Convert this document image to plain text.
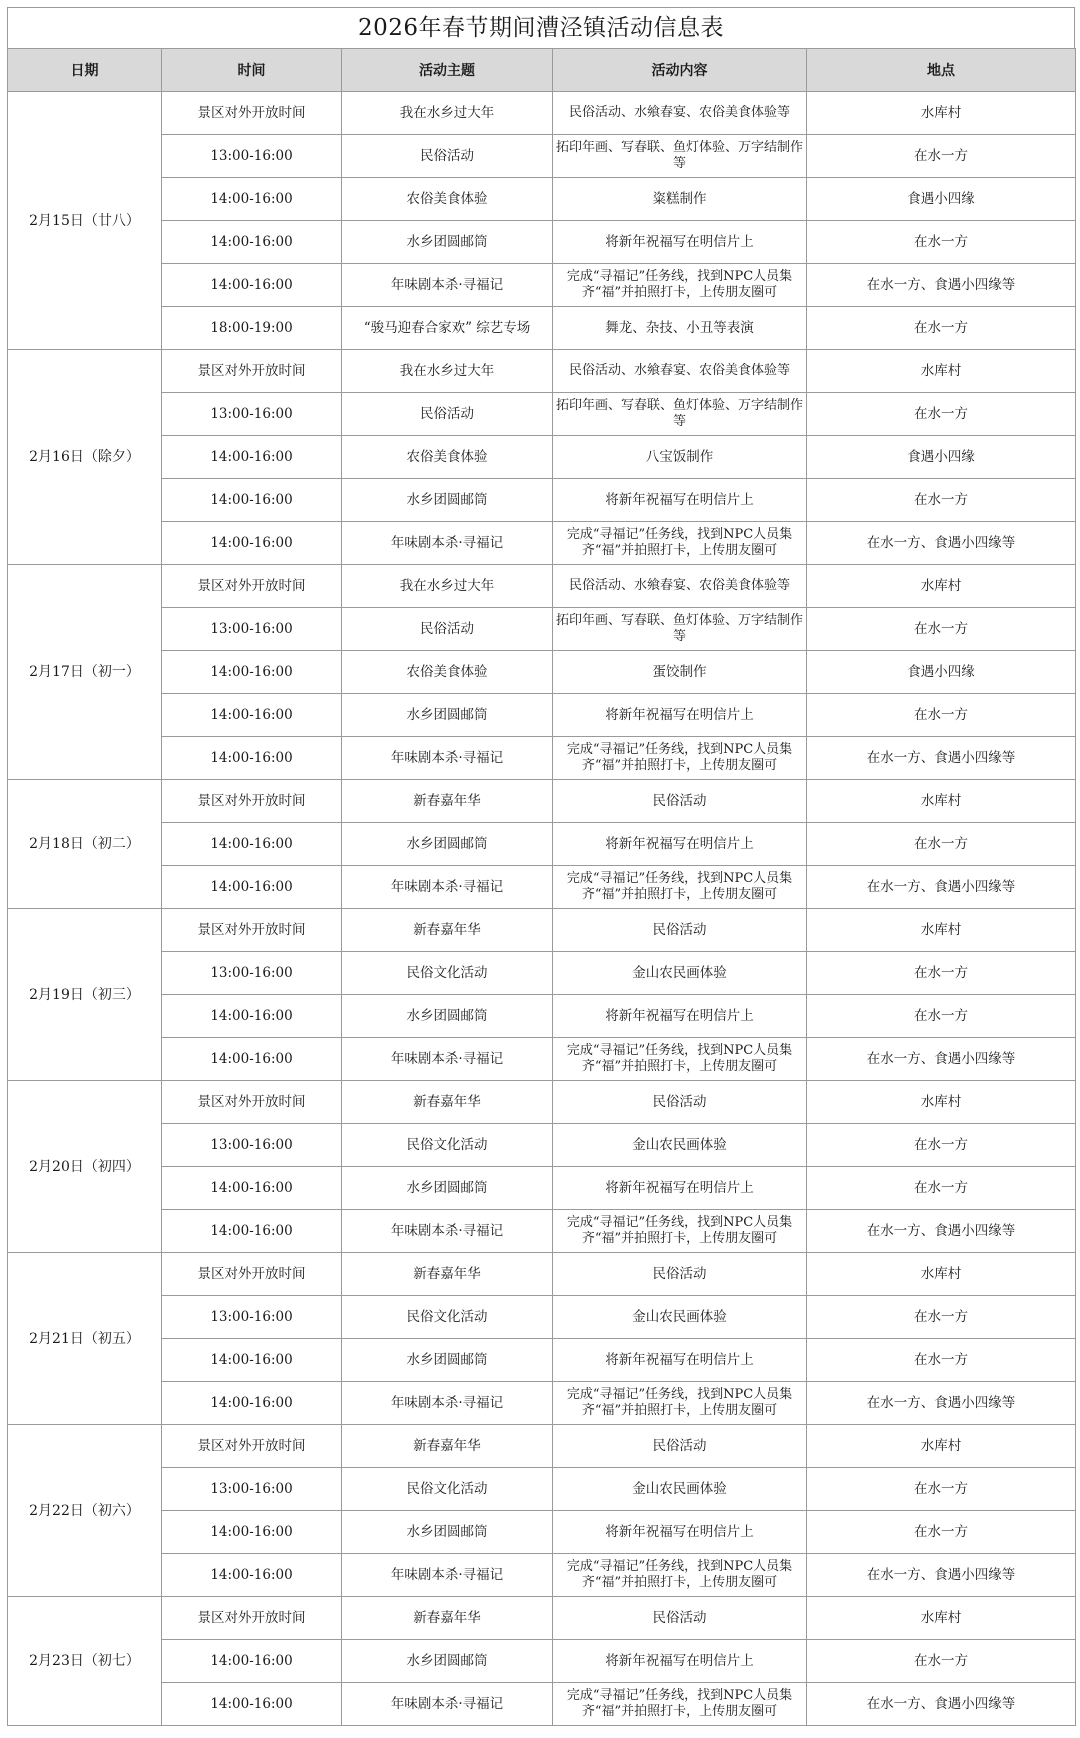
2026年春节期间漕泾镇活动信息表
日期	时间	活动主题	活动内容	地点
2月15日（廿八）	景区对外开放时间	我在水乡过大年	民俗活动、水飨春宴、农俗美食体验等	水库村
	13:00-16:00	民俗活动	拓印年画、写春联、鱼灯体验、万字结制作等	在水一方
	14:00-16:00	农俗美食体验	粢糕制作	食遇小四缘
	14:00-16:00	水乡团圆邮筒	将新年祝福写在明信片上	在水一方
	14:00-16:00	年味剧本杀·寻福记	完成“寻福记”任务线，找到NPC人员集齐“福”并拍照打卡，上传朋友圈可	在水一方、食遇小四缘等
	18:00-19:00	“骏马迎春合家欢” 综艺专场	舞龙、杂技、小丑等表演	在水一方
2月16日（除夕）	景区对外开放时间	我在水乡过大年	民俗活动、水飨春宴、农俗美食体验等	水库村
	13:00-16:00	民俗活动	拓印年画、写春联、鱼灯体验、万字结制作等	在水一方
	14:00-16:00	农俗美食体验	八宝饭制作	食遇小四缘
	14:00-16:00	水乡团圆邮筒	将新年祝福写在明信片上	在水一方
	14:00-16:00	年味剧本杀·寻福记	完成“寻福记”任务线，找到NPC人员集齐“福”并拍照打卡，上传朋友圈可	在水一方、食遇小四缘等
2月17日（初一）	景区对外开放时间	我在水乡过大年	民俗活动、水飨春宴、农俗美食体验等	水库村
	13:00-16:00	民俗活动	拓印年画、写春联、鱼灯体验、万字结制作等	在水一方
	14:00-16:00	农俗美食体验	蛋饺制作	食遇小四缘
	14:00-16:00	水乡团圆邮筒	将新年祝福写在明信片上	在水一方
	14:00-16:00	年味剧本杀·寻福记	完成“寻福记”任务线，找到NPC人员集齐“福”并拍照打卡，上传朋友圈可	在水一方、食遇小四缘等
2月18日（初二）	景区对外开放时间	新春嘉年华	民俗活动	水库村
	14:00-16:00	水乡团圆邮筒	将新年祝福写在明信片上	在水一方
	14:00-16:00	年味剧本杀·寻福记	完成“寻福记”任务线，找到NPC人员集齐“福”并拍照打卡，上传朋友圈可	在水一方、食遇小四缘等
2月19日（初三）	景区对外开放时间	新春嘉年华	民俗活动	水库村
	13:00-16:00	民俗文化活动	金山农民画体验	在水一方
	14:00-16:00	水乡团圆邮筒	将新年祝福写在明信片上	在水一方
	14:00-16:00	年味剧本杀·寻福记	完成“寻福记”任务线，找到NPC人员集齐“福”并拍照打卡，上传朋友圈可	在水一方、食遇小四缘等
2月20日（初四）	景区对外开放时间	新春嘉年华	民俗活动	水库村
	13:00-16:00	民俗文化活动	金山农民画体验	在水一方
	14:00-16:00	水乡团圆邮筒	将新年祝福写在明信片上	在水一方
	14:00-16:00	年味剧本杀·寻福记	完成“寻福记”任务线，找到NPC人员集齐“福”并拍照打卡，上传朋友圈可	在水一方、食遇小四缘等
2月21日（初五）	景区对外开放时间	新春嘉年华	民俗活动	水库村
	13:00-16:00	民俗文化活动	金山农民画体验	在水一方
	14:00-16:00	水乡团圆邮筒	将新年祝福写在明信片上	在水一方
	14:00-16:00	年味剧本杀·寻福记	完成“寻福记”任务线，找到NPC人员集齐“福”并拍照打卡，上传朋友圈可	在水一方、食遇小四缘等
2月22日（初六）	景区对外开放时间	新春嘉年华	民俗活动	水库村
	13:00-16:00	民俗文化活动	金山农民画体验	在水一方
	14:00-16:00	水乡团圆邮筒	将新年祝福写在明信片上	在水一方
	14:00-16:00	年味剧本杀·寻福记	完成“寻福记”任务线，找到NPC人员集齐“福”并拍照打卡，上传朋友圈可	在水一方、食遇小四缘等
2月23日（初七）	景区对外开放时间	新春嘉年华	民俗活动	水库村
	14:00-16:00	水乡团圆邮筒	将新年祝福写在明信片上	在水一方
	14:00-16:00	年味剧本杀·寻福记	完成“寻福记”任务线，找到NPC人员集齐“福”并拍照打卡，上传朋友圈可	在水一方、食遇小四缘等
